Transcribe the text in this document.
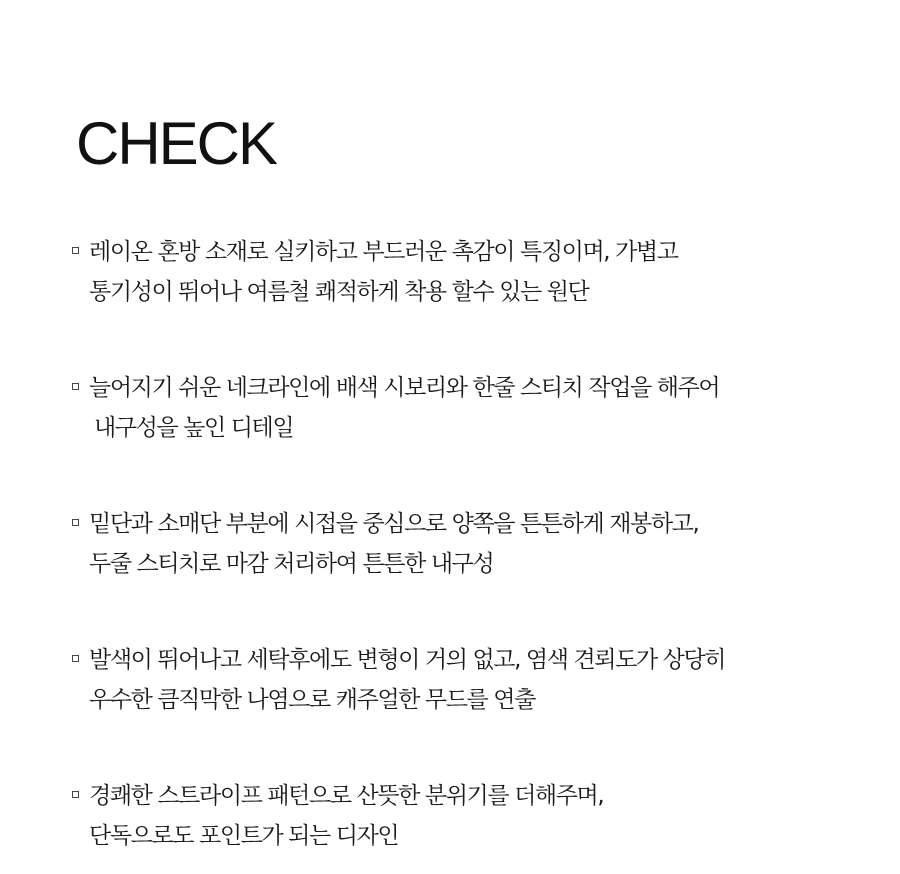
CHECK
레이온 혼방 소재로 실키하고 부드러운 촉감이 특징이며, 가볍고
통기성이 뛰어나 여름철 쾌적하게 착용 할수 있는 원단
늘어지기 쉬운 네크라인에 배색 시보리와 한줄 스티치 작업을 해주어
내구성을 높인 디테일
밑단과 소매단 부분에 시접을 중심으로 양쪽을 튼튼하게 재봉하고,
두줄 스티치로 마감 처리하여 튼튼한 내구성
발색이 뛰어나고 세탁후에도 변형이 거의 없고, 염색 견뢰도가 상당히
우수한 큼직막한 나염으로 캐주얼한 무드를 연출
경쾌한 스트라이프 패턴으로 산뜻한 분위기를 더해주며,
단독으로도 포인트가 되는 디자인
